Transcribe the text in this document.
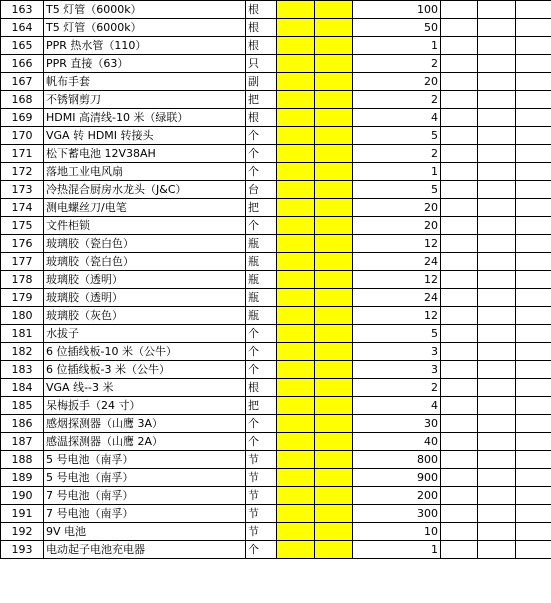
163	T5 灯管（6000k）	根			100			
164	T5 灯管（6000k）	根			50			
165	PPR 热水管（110）	根			1			
166	PPR 直接（63）	只			2			
167	帆布手套	副			20			
168	不锈钢剪刀	把			2			
169	HDMI 高清线-10 米（绿联）	根			4			
170	VGA 转 HDMI 转接头	个			5			
171	松下蓄电池 12V38AH	个			2			
172	落地工业电风扇	个			1			
173	冷热混合厨房水龙头（J&C）	台			5			
174	测电螺丝刀/电笔	把			20			
175	文件柜锁	个			20			
176	玻璃胶（瓷白色）	瓶			12			
177	玻璃胶（瓷白色）	瓶			24			
178	玻璃胶（透明）	瓶			12			
179	玻璃胶（透明）	瓶			24			
180	玻璃胶（灰色）	瓶			12			
181	水拔子	个			5			
182	6 位插线板-10 米（公牛）	个			3			
183	6 位插线板-3 米（公牛）	个			3			
184	VGA 线--3 米	根			2			
185	呆梅扳手（24 寸）	把			4			
186	感烟探测器（山鹰 3A）	个			30			
187	感温探测器（山鹰 2A）	个			40			
188	5 号电池（南孚）	节			800			
189	5 号电池（南孚）	节			900			
190	7 号电池（南孚）	节			200			
191	7 号电池（南孚）	节			300			
192	9V 电池	节			10			
193	电动起子电池充电器	个			1			
